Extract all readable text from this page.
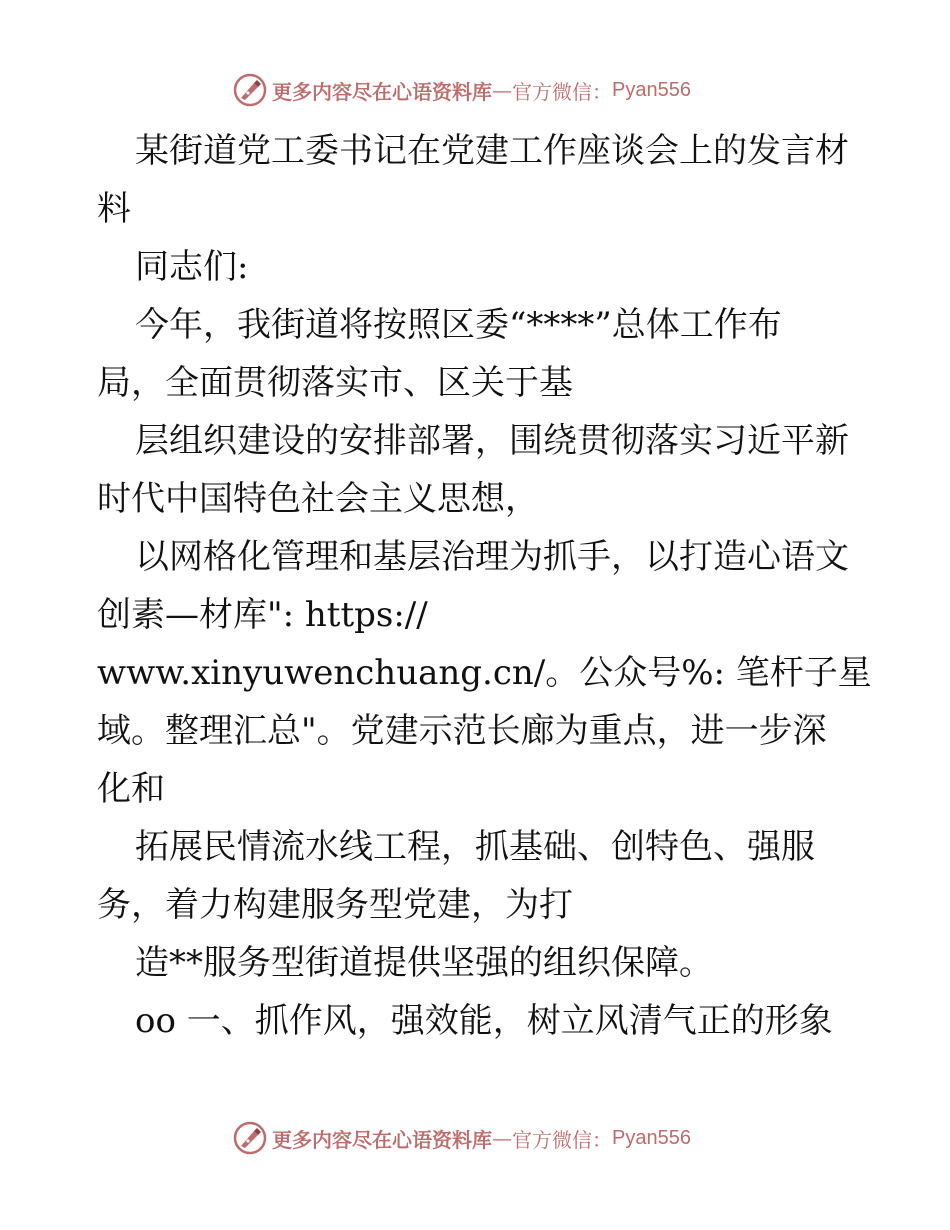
更多内容尽在心语资料库 — 官方微信： Pyan556
某街道党工委书记在党建工作座谈会上的发言材
料
同志们:
今年，我街道将按照区委“****”总体工作布
局，全面贯彻落实市、区关于基
层组织建设的安排部署，围绕贯彻落实习近平新
时代中国特色社会主义思想，
以网格化管理和基层治理为抓手，以打造心语文
创素—材库": https://
www.xinyuwenchuang.cn/。公众号%: 笔杆子星
域。整理汇总"。党建示范长廊为重点，进一步深
化和
拓展民情流水线工程，抓基础、创特色、强服
务，着力构建服务型党建，为打
造**服务型街道提供坚强的组织保障。
oo 一、抓作风，强效能，树立风清气正的形象
更多内容尽在心语资料库 — 官方微信： Pyan556
